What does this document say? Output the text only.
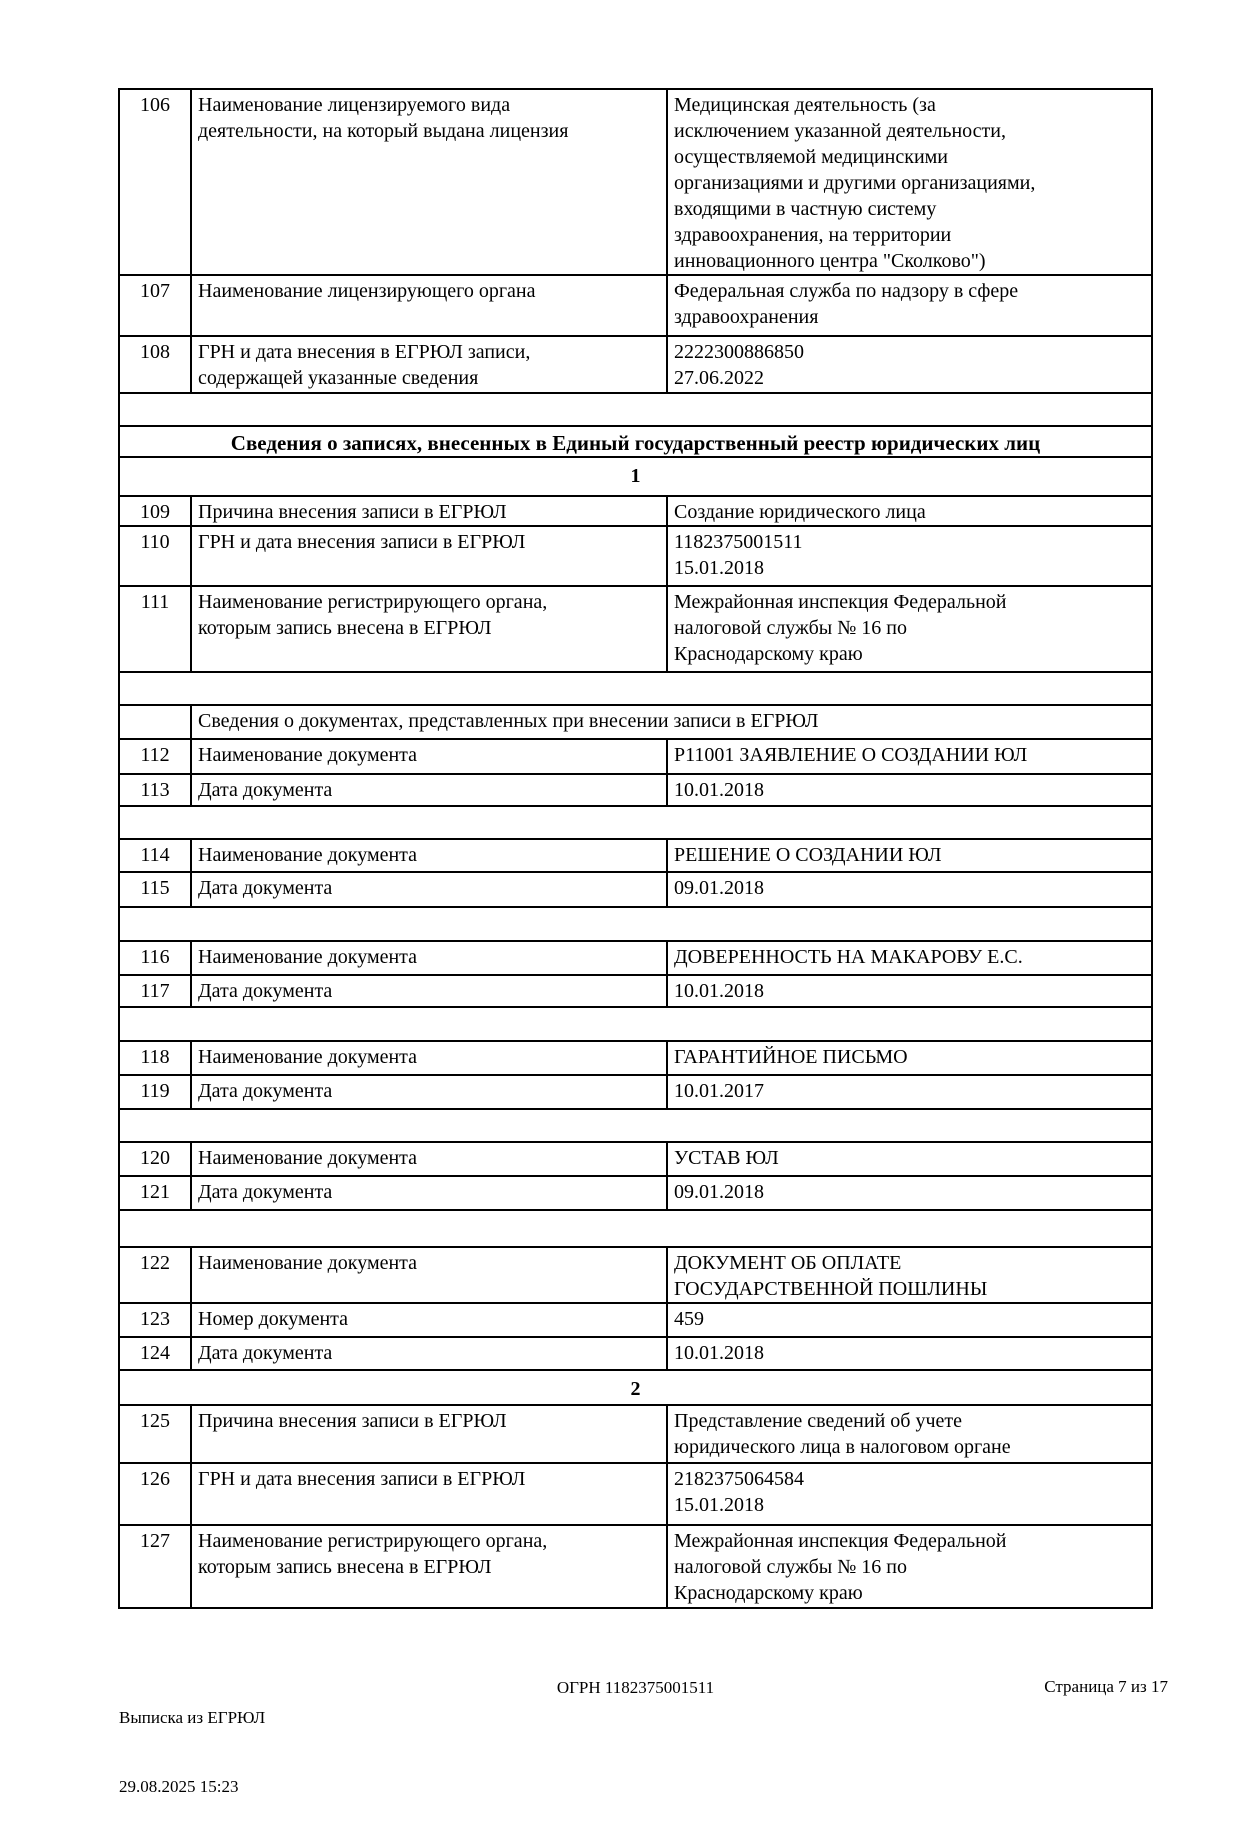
106	Наименование лицензируемого вида
деятельности, на который выдана лицензия	Медицинская деятельность (за
исключением указанной деятельности,
осуществляемой медицинскими
организациями и другими организациями,
входящими в частную систему
здравоохранения, на территории
инновационного центра "Сколково")
107	Наименование лицензирующего органа	Федеральная служба по надзору в сфере
здравоохранения
108	ГРН и дата внесения в ЕГРЮЛ записи,
содержащей указанные сведения	2222300886850
27.06.2022

Сведения о записях, внесенных в Единый государственный реестр юридических лиц		
1		
109	Причина внесения записи в ЕГРЮЛ	Создание юридического лица
110	ГРН и дата внесения записи в ЕГРЮЛ	1182375001511
15.01.2018
111	Наименование регистрирующего органа,
которым запись внесена в ЕГРЮЛ	Межрайонная инспекция Федеральной
налоговой службы № 16 по
Краснодарскому краю

	Сведения о документах, представленных при внесении записи в ЕГРЮЛ	
112	Наименование документа	Р11001 ЗАЯВЛЕНИЕ О СОЗДАНИИ ЮЛ
113	Дата документа	10.01.2018

114	Наименование документа	РЕШЕНИЕ О СОЗДАНИИ ЮЛ
115	Дата документа	09.01.2018

116	Наименование документа	ДОВЕРЕННОСТЬ НА МАКАРОВУ Е.С.
117	Дата документа	10.01.2018

118	Наименование документа	ГАРАНТИЙНОЕ ПИСЬМО
119	Дата документа	10.01.2017

120	Наименование документа	УСТАВ ЮЛ
121	Дата документа	09.01.2018

122	Наименование документа	ДОКУМЕНТ ОБ ОПЛАТЕ
ГОСУДАРСТВЕННОЙ ПОШЛИНЫ
123	Номер документа	459
124	Дата документа	10.01.2018
2		
125	Причина внесения записи в ЕГРЮЛ	Представление сведений об учете
юридического лица в налоговом органе
126	ГРН и дата внесения записи в ЕГРЮЛ	2182375064584
15.01.2018
127	Наименование регистрирующего органа,
которым запись внесена в ЕГРЮЛ	Межрайонная инспекция Федеральной
налоговой службы № 16 по
Краснодарскому краю

Выписка из ЕГРЮЛ

29.08.2025 15:23

ОГРН 1182375001511	Страница 7 из 17
